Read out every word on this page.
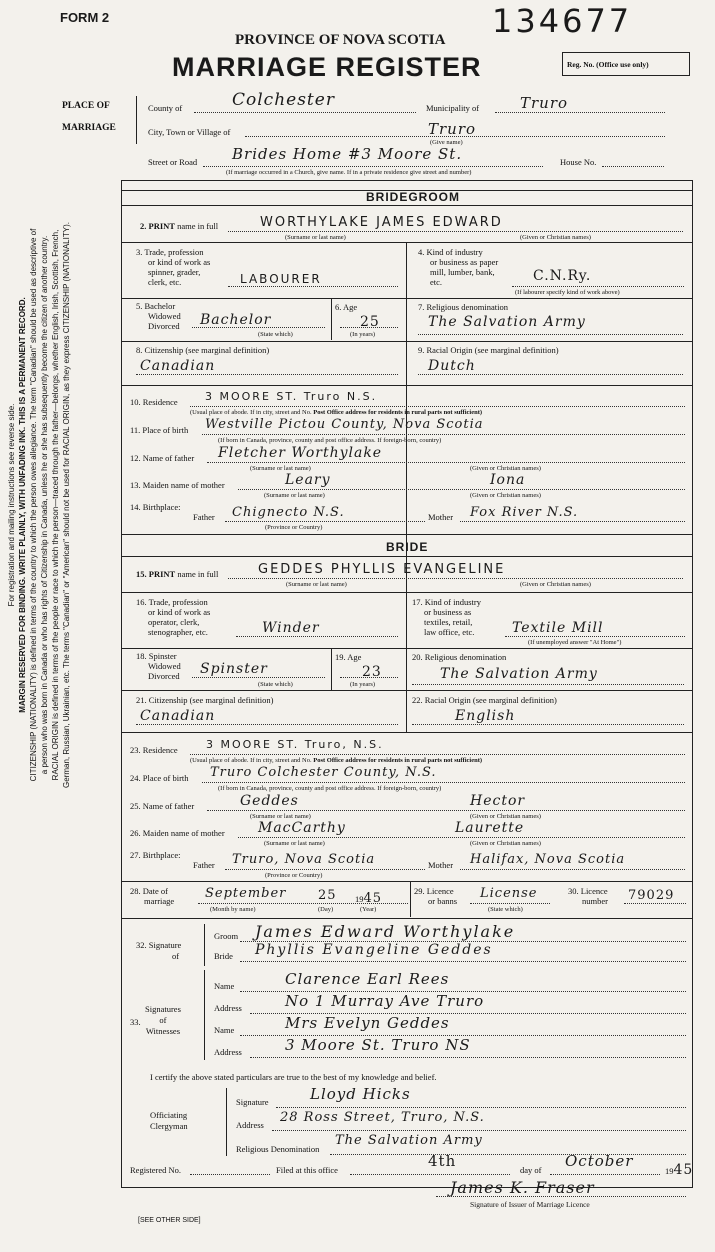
For registration and mailing instructions see reverse side. MARGIN RESERVED FOR BINDING. WRITE PLAINLY, WITH UNFADING INK. THIS IS A PERMANENT RECORD. CITIZENSHIP (NATIONALITY) is defined in terms of the country to which the person owes allegiance. The term "Canadian" should be used as descriptive of a person who was born in Canada or who has rights of Citizenship in Canada, unless he or she has subsequently become the citizen of another country. RACIAL ORIGIN is defined in terms of the people or race to which the person—traced through the father—belongs, whether English, Irish, Scottish, French, German, Russian, Ukrainian, etc. The terms "Canadian" or "American" should not be used for RACIAL ORIGIN, as they express CITIZENSHIP (NATIONALITY).
FORM 2	134677
PROVINCE OF NOVA SCOTIA
MARRIAGE REGISTER	Reg. No. (Office use only)
PLACE OF
MARRIAGE
County of	Colchester	Municipality of	Truro
City, Town or Village of	Truro
(Give name)
Street or Road Brides Home #3 Moore St.	House No.
(If marriage occurred in a Church, give name. If in a private residence give street and number)
BRIDEGROOM
2. PRINT name in full	WORTHYLAKE JAMES EDWARD
(Surname or last name)	(Given or Christian names)
3. Trade, profession
or kind of work as
spinner, grader,
clerk, etc.	LABOURER
4. Kind of industry
or business as paper
mill, lumber, bank,
etc.	C.N.Ry.
(If labourer specify kind of work above)
5. Bachelor
Widowed
Divorced Bachelor
(State which)
6. Age
25
(In years)
7. Religious denomination
The Salvation Army
8. Citizenship (see marginal definition)
Canadian
9. Racial Origin (see marginal definition)
Dutch
10. Residence 3 MOORE ST. Truro N.S.
(Usual place of abode. If in city, street and No. Post Office address for residents in rural parts not sufficient)
11. Place of birth Westville Pictou County, Nova Scotia
(If born in Canada, province, county and post office address. If foreign-born, country)
12. Name of father Fletcher Worthylake
(Surname or last name)	(Given or Christian names)
13. Maiden name of mother	Leary	Iona
(Surname or last name)	(Given or Christian names)
14. Birthplace:
Father Chignecto N.S.	Mother Fox River N.S.
(Province or Country)
BRIDE
15. PRINT name in full	GEDDES PHYLLIS EVANGELINE
(Surname or last name)	(Given or Christian names)
16. Trade, profession
or kind of work as
operator, clerk,
stenographer, etc.	Winder
17. Kind of industry
or business as
textiles, retail,
law office, etc.	Textile Mill
(If unemployed answer "At Home")
18. Spinster
Widowed
Divorced Spinster
(State which)
19. Age
23
(In years)
20. Religious denomination
The Salvation Army
21. Citizenship (see marginal definition)
Canadian
22. Racial Origin (see marginal definition)
English
23. Residence	3 MOORE ST. Truro, N.S.
(Usual place of abode. If in city, street and No. Post Office address for residents in rural parts not sufficient)
24. Place of birth Truro Colchester County, N.S.
(If born in Canada, province, county and post office address. If foreign-born, country)
25. Name of father	Geddes	Hector
(Surname or last name)	(Given or Christian names)
26. Maiden name of mother MacCarthy	Laurette
(Surname or last name)	(Given or Christian names)
27. Birthplace:
Father Truro, Nova Scotia	Mother Halifax, Nova Scotia
(Province or Country)
28. Date of
marriage September 25 1945
(Month by name)	(Day)	(Year)
29. Licence
or banns License
(State which)
30. Licence
number 79029
32. Signature
of
Groom James Edward Worthylake
Bride Phyllis Evangeline Geddes
33.
Signatures
of
Witnesses
Name	Clarence Earl Rees
Address	No 1 Murray Ave Truro
Name	Mrs Evelyn Geddes
Address	3 Moore St. Truro NS
I certify the above stated particulars are true to the best of my knowledge and belief.
Officiating
Clergyman
Signature	Lloyd Hicks
Address 28 Ross Street, Truro, N.S.
Religious Denomination
The Salvation Army
Registered No.	Filed at this office	4th	day of October
1945
James K. Fraser
Signature of Issuer of Marriage Licence
[SEE OTHER SIDE]
